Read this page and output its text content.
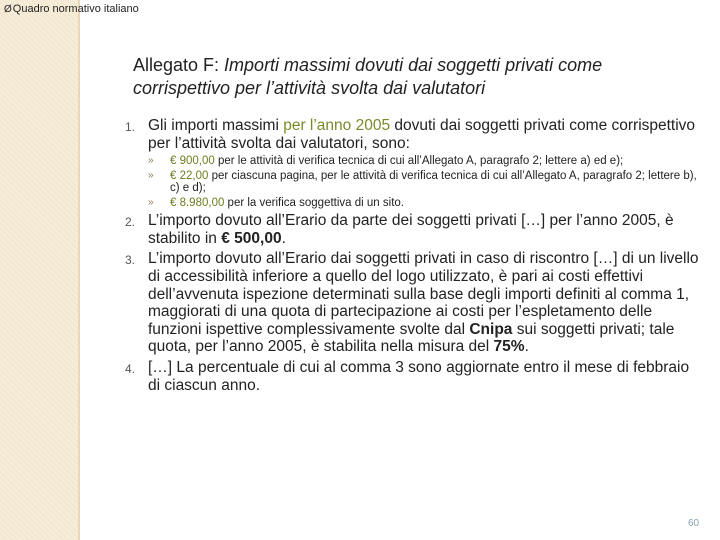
ØQuadro normativo italiano
Allegato F: Importi massimi dovuti dai soggetti privati come corrispettivo per l’attività svolta dai valutatori
1. Gli importi massimi per l’anno 2005 dovuti dai soggetti privati come corrispettivo per l’attività svolta dai valutatori, sono:
» € 900,00 per le attività di verifica tecnica di cui all’Allegato A, paragrafo 2; lettere a) ed e);
» € 22,00 per ciascuna pagina, per le attività di verifica tecnica di cui all’Allegato A, paragrafo 2; lettere b), c) e d);
» € 8.980,00 per la verifica soggettiva di un sito.
2. L’importo dovuto all’Erario da parte dei soggetti privati […] per l’anno 2005, è stabilito in € 500,00.
3. L’importo dovuto all’Erario dai soggetti privati in caso di riscontro […] di un livello di accessibilità inferiore a quello del logo utilizzato, è pari ai costi effettivi dell’avvenuta ispezione determinati sulla base degli importi definiti al comma 1, maggiorati di una quota di partecipazione ai costi per l’espletamento delle funzioni ispettive complessivamente svolte dal Cnipa sui soggetti privati; tale quota, per l’anno 2005, è stabilita nella misura del 75%.
4. […] La percentuale di cui al comma 3 sono aggiornate entro il mese di febbraio di ciascun anno.
60
